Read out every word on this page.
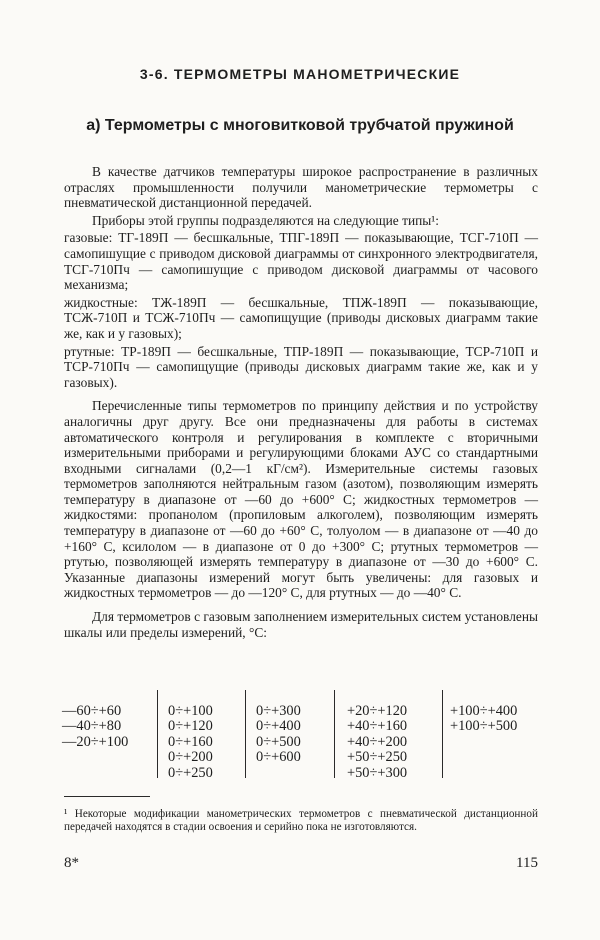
3-6. ТЕРМОМЕТРЫ МАНОМЕТРИЧЕСКИЕ
а) Термометры с многовитковой трубчатой пружиной

В качестве датчиков температуры широкое распространение в различных отраслях промышленности получили манометрические термометры с пневматической дистанционной передачей.

Приборы этой группы подразделяются на следующие типы¹:

газовые: ТГ-189П — бесшкальные, ТПГ-189П — показывающие, ТСГ-710П — самопишущие с приводом дисковой диаграммы от синхронного электродвигателя, ТСГ-710Пч — самопишущие с приводом дисковой диаграммы от часового механизма;

жидкостные: ТЖ-189П — бесшкальные, ТПЖ-189П — показывающие, ТСЖ-710П и ТСЖ-710Пч — самопищущие (приводы дисковых диаграмм такие же, как и у газовых);

ртутные: ТР-189П — бесшкальные, ТПР-189П — показывающие, ТСР-710П и ТСР-710Пч — самопищущие (приводы дисковых диаграмм такие же, как и у газовых).

Перечисленные типы термометров по принципу действия и по устройству аналогичны друг другу. Все они предназначены для работы в системах автоматического контроля и регулирования в комплекте с вторичными измерительными приборами и регулирующими блоками АУС со стандартными входными сигналами (0,2—1 кГ/см²). Измерительные системы газовых термометров заполняются нейтральным газом (азотом), позволяющим измерять температуру в диапазоне от —60 до +600° С; жидкостных термометров — жидкостями: пропанолом (пропиловым алкоголем), позволяющим измерять температуру в диапазоне от —60 до +60° С, толуолом — в диапазоне от —40 до +160° С, ксилолом — в диапазоне от 0 до +300° С; ртутных термометров — ртутью, позволяющей измерять температуру в диапазоне от —30 до +600° С. Указанные диапазоны измерений могут быть увеличены: для газовых и жидкостных термометров — до —120° С, для ртутных — до —40° С.

Для термометров с газовым заполнением измерительных систем установлены шкалы или пределы измерений, °С:

—60÷+60
—40÷+80
—20÷+100
0÷+100
0÷+120
0÷+160
0÷+200
0÷+250
0÷+300
0÷+400
0÷+500
0÷+600
+20÷+120
+40÷+160
+40÷+200
+50÷+250
+50÷+300
+100÷+400
+100÷+500
¹ Некоторые модификации манометрических термометров с пневматической дистанционной передачей находятся в стадии освоения и серийно пока не изготовляются.
8*	115
